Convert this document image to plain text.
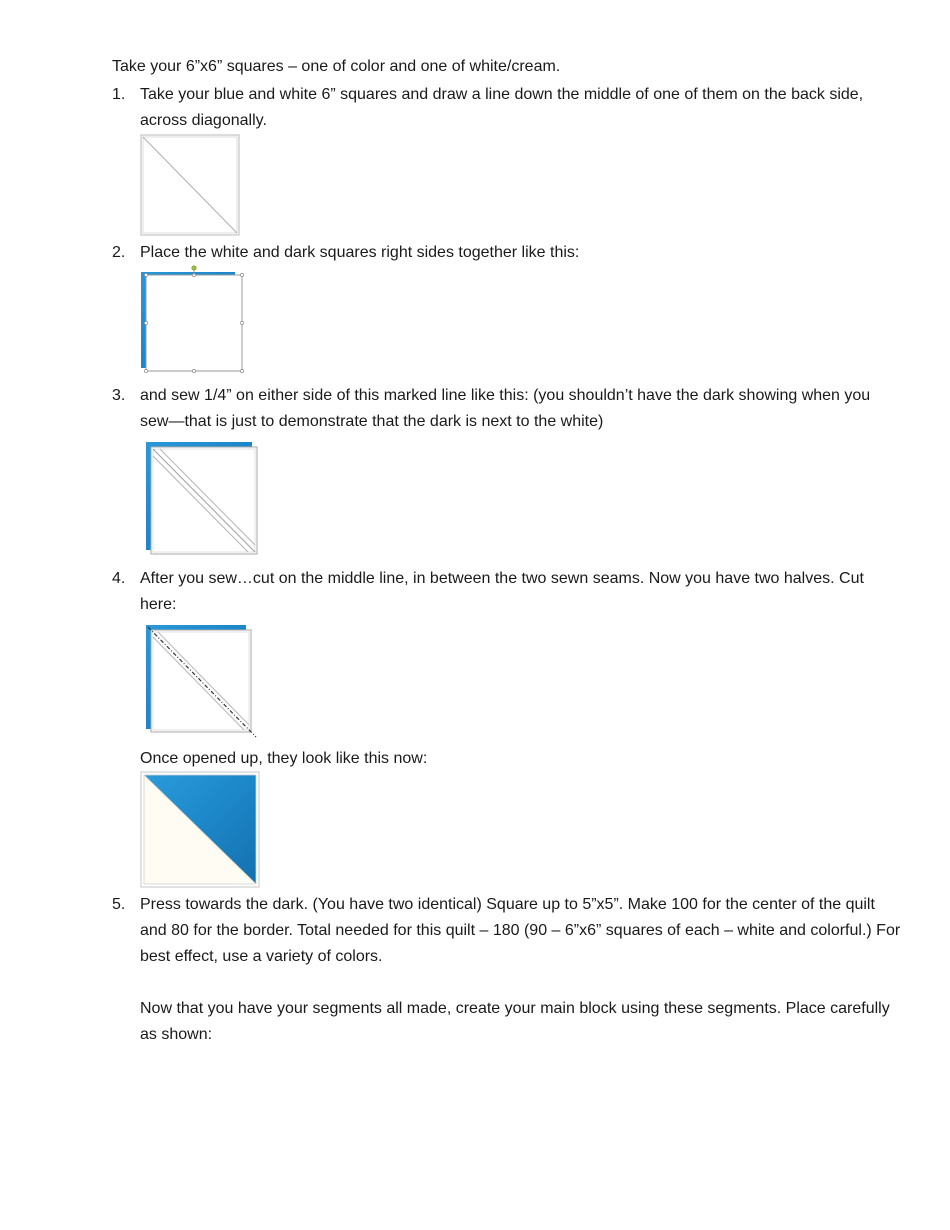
Take your 6”x6” squares – one of color and one of white/cream.

1. Take your blue and white 6” squares and draw a line down the middle of one of them on the back side, across diagonally.
2. Place the white and dark squares right sides together like this:
3. and sew 1/4” on either side of this marked line like this: (you shouldn’t have the dark showing when you sew—that is just to demonstrate that the dark is next to the white)
4. After you sew…cut on the middle line, in between the two sewn seams. Now you have two halves. Cut here:

Once opened up, they look like this now:

5. Press towards the dark. (You have two identical) Square up to 5”x5”. Make 100 for the center of the quilt and 80 for the border. Total needed for this quilt – 180 (90 – 6”x6” squares of each – white and colorful.) For best effect, use a variety of colors.

Now that you have your segments all made, create your main block using these segments. Place carefully as shown:
